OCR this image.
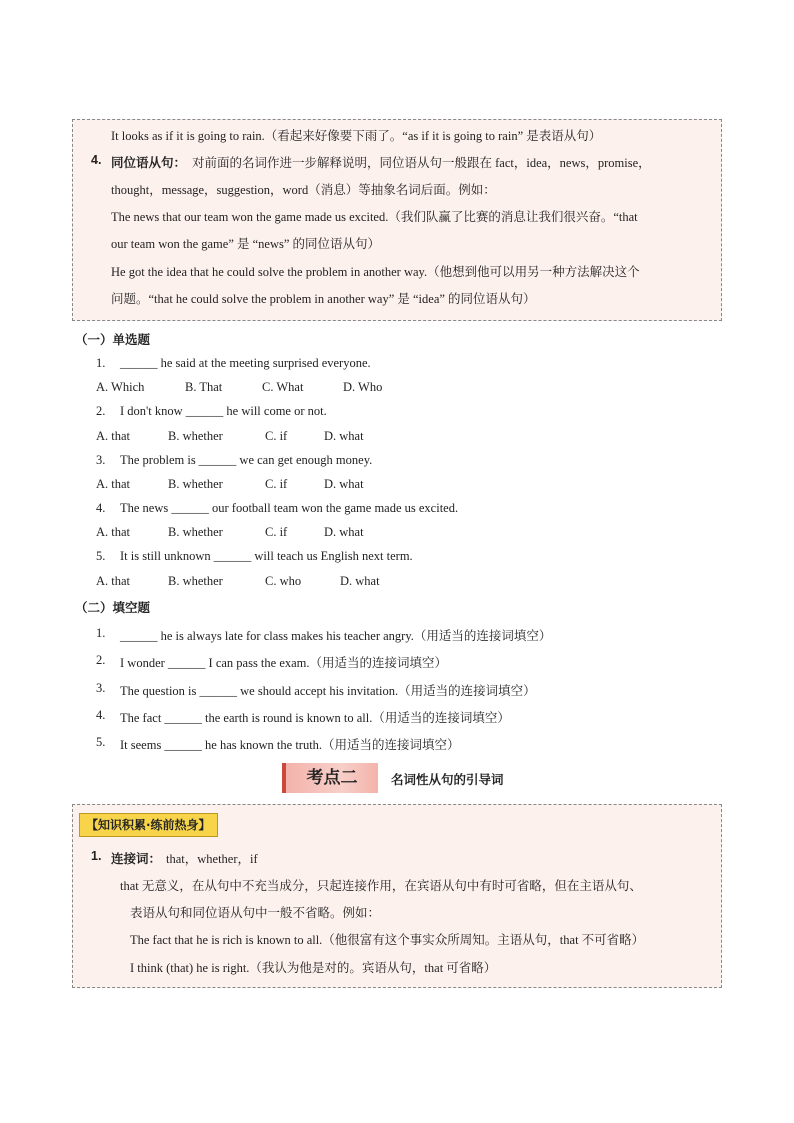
It looks as if it is going to rain.（看起来好像要下雨了。“as if it is going to rain” 是表语从句）
4. 同位语从句： 对前面的名词作进一步解释说明，同位语从句一般跟在 fact，idea，news，promise，
thought，message，suggestion，word（消息）等抽象名词后面。例如：
The news that our team won the game made us excited.（我们队赢了比赛的消息让我们很兴奋。“that
our team won the game” 是 “news” 的同位语从句）
He got the idea that he could solve the problem in another way.（他想到他可以用另一种方法解决这个
问题。“that he could solve the problem in another way” 是 “idea” 的同位语从句）
（一）单选题
1. ______ he said at the meeting surprised everyone.
A. Which	B. That	C. What	D. Who
2. I don't know ______ he will come or not.
A. that	B. whether	C. if	D. what
3. The problem is ______ we can get enough money.
A. that	B. whether	C. if	D. what
4. The news ______ our football team won the game made us excited.
A. that	B. whether	C. if	D. what
5. It is still unknown ______ will teach us English next term.
A. that	B. whether	C. who	D. what
（二）填空题
1. ______ he is always late for class makes his teacher angry.（用适当的连接词填空）
2. I wonder ______ I can pass the exam.（用适当的连接词填空）
3. The question is ______ we should accept his invitation.（用适当的连接词填空）
4. The fact ______ the earth is round is known to all.（用适当的连接词填空）
5. It seems ______ he has known the truth.（用适当的连接词填空）
考点二	名词性从句的引导词
【知识积累·练前热身】
1. 连接词： that，whether，if
that 无意义，在从句中不充当成分，只起连接作用，在宾语从句中有时可省略，但在主语从句、
表语从句和同位语从句中一般不省略。例如：
The fact that he is rich is known to all.（他很富有这个事实众所周知。主语从句，that 不可省略）
I think (that) he is right.（我认为他是对的。宾语从句，that 可省略）
